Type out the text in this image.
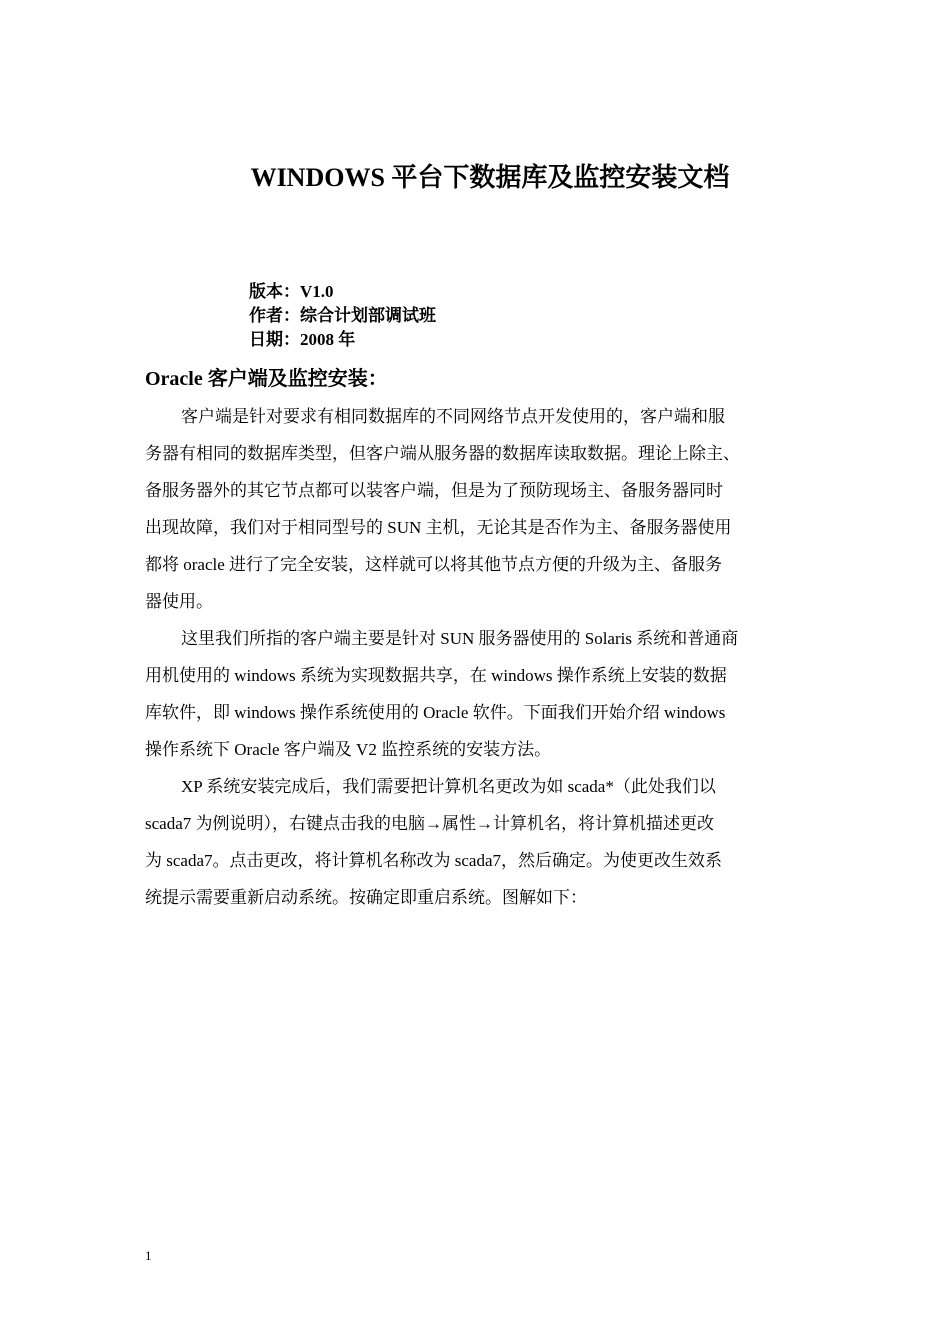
WINDOWS 平台下数据库及监控安装文档
版本：V1.0
作者：综合计划部调试班
日期：2008 年
Oracle 客户端及监控安装：

客户端是针对要求有相同数据库的不同网络节点开发使用的，客户端和服
务器有相同的数据库类型，但客户端从服务器的数据库读取数据。理论上除主、
备服务器外的其它节点都可以装客户端，但是为了预防现场主、备服务器同时
出现故障，我们对于相同型号的 SUN 主机，无论其是否作为主、备服务器使用
都将 oracle 进行了完全安装，这样就可以将其他节点方便的升级为主、备服务
器使用。

这里我们所指的客户端主要是针对 SUN 服务器使用的 Solaris 系统和普通商
用机使用的 windows 系统为实现数据共享，在 windows 操作系统上安装的数据
库软件，即 windows 操作系统使用的 Oracle 软件。下面我们开始介绍 windows
操作系统下 Oracle 客户端及 V2 监控系统的安装方法。

XP 系统安装完成后，我们需要把计算机名更改为如 scada*（此处我们以
scada7 为例说明），右键点击我的电脑→属性→计算机名，将计算机描述更改
为 scada7。点击更改，将计算机名称改为 scada7，然后确定。为使更改生效系
统提示需要重新启动系统。按确定即重启系统。图解如下：

1
